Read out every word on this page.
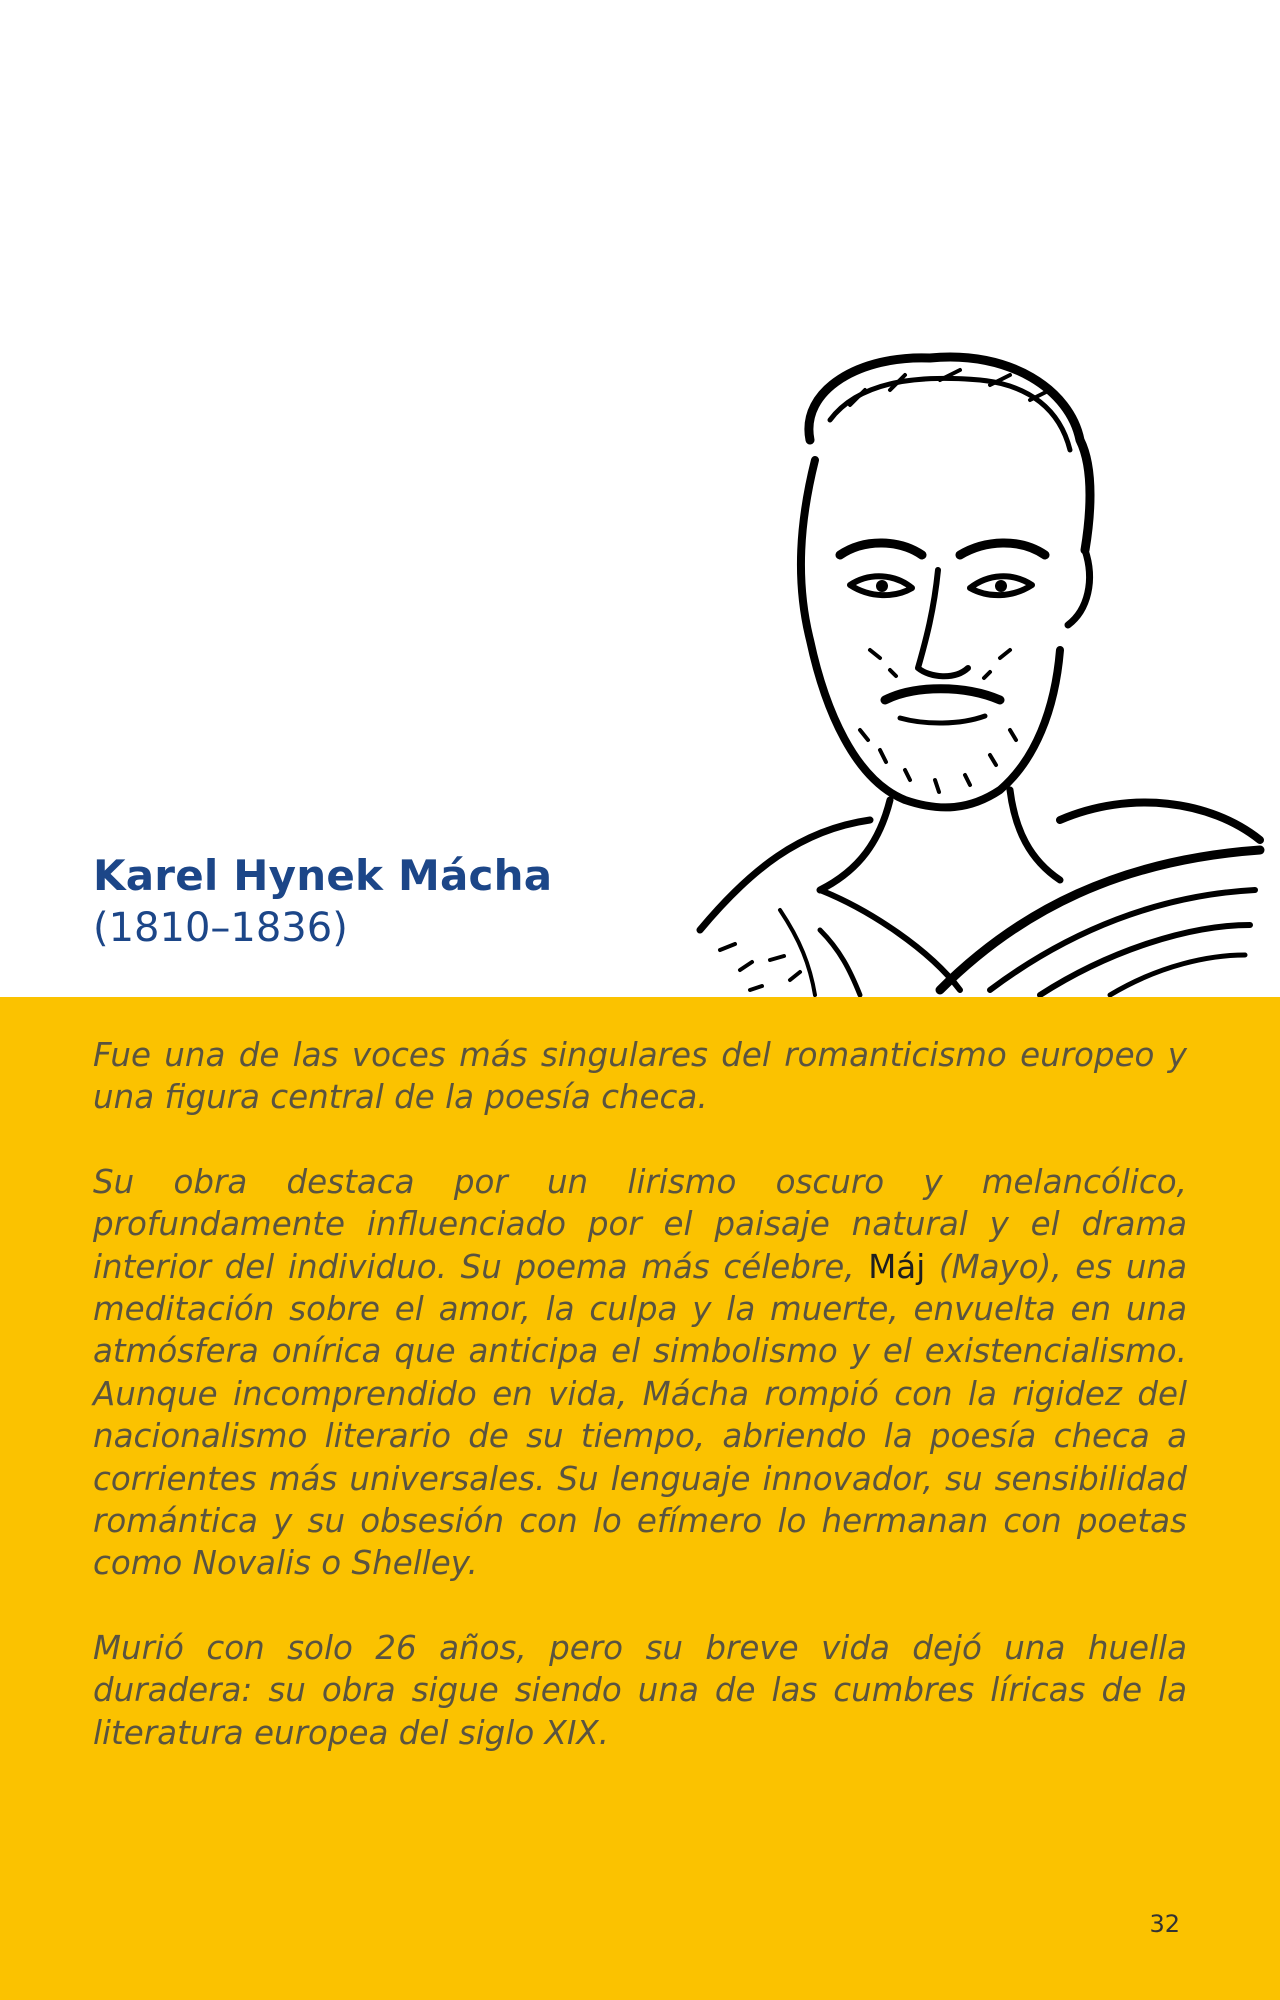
Karel Hynek Mácha
(1810–1836)

Fue una de las voces más singulares del romanticismo europeo y una figura central de la poesía checa.

Su obra destaca por un lirismo oscuro y melancólico, profundamente influenciado por el paisaje natural y el drama interior del individuo. Su poema más célebre, Máj (Mayo), es una meditación sobre el amor, la culpa y la muerte, envuelta en una atmósfera onírica que anticipa el simbolismo y el existencialismo. Aunque incomprendido en vida, Mácha rompió con la rigidez del nacionalismo literario de su tiempo, abriendo la poesía checa a corrientes más universales. Su lenguaje innovador, su sensibilidad romántica y su obsesión con lo efímero lo hermanan con poetas como Novalis o Shelley.

Murió con solo 26 años, pero su breve vida dejó una huella duradera: su obra sigue siendo una de las cumbres líricas de la literatura europea del siglo XIX.

32
